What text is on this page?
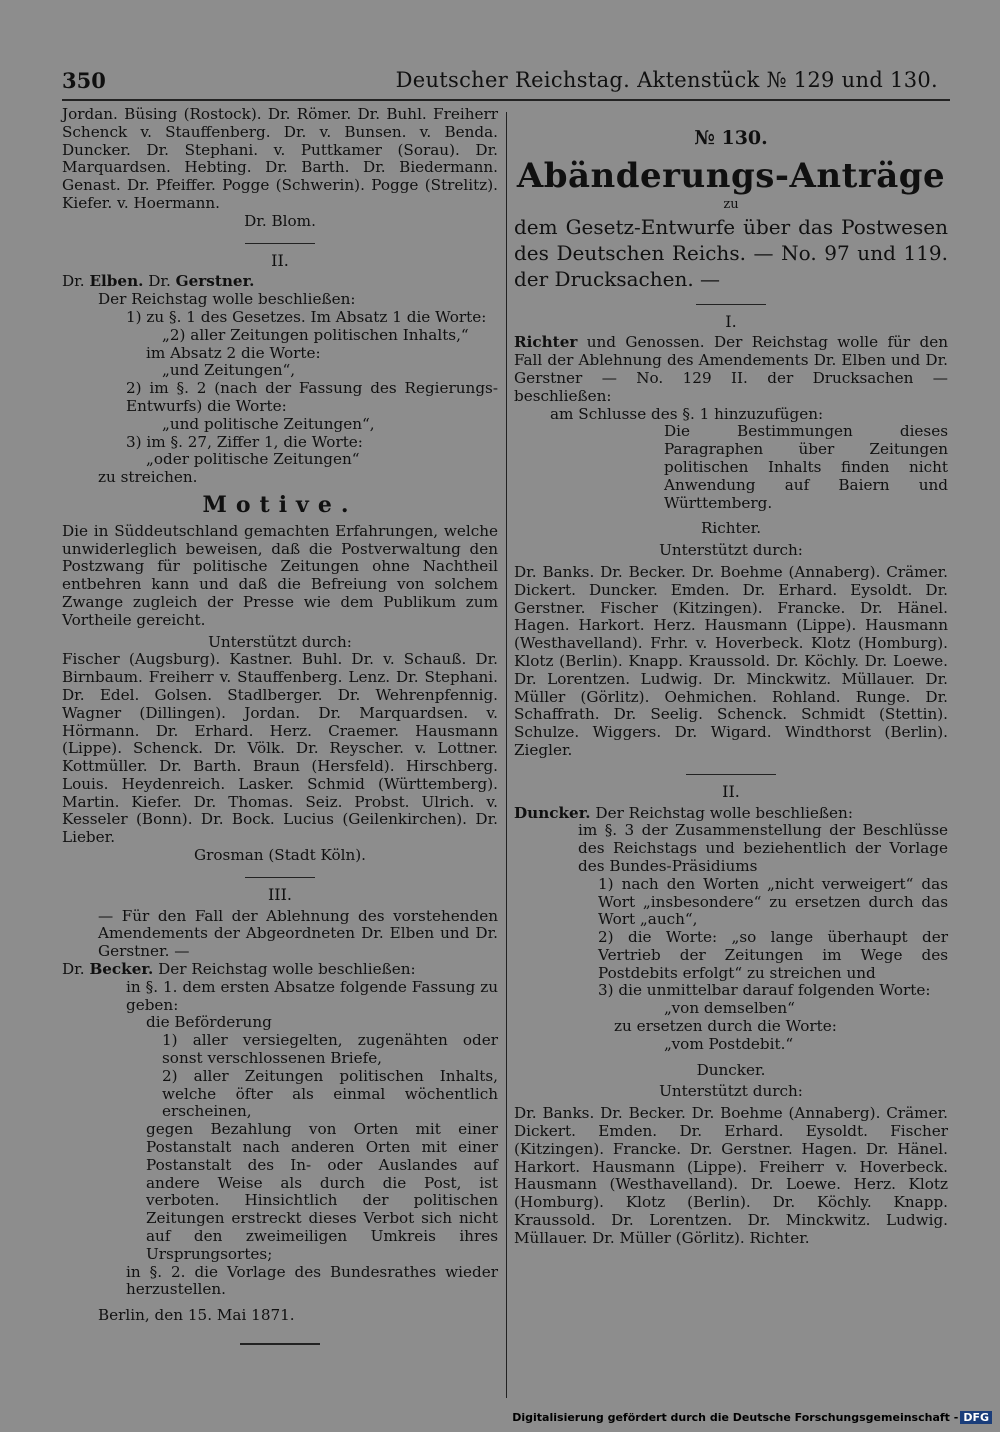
350	Deutscher Reichstag. Aktenstück № 129 und 130.

Jordan. Büsing (Rostock). Dr. Römer. Dr. Buhl. Freiherr Schenck v. Stauffenberg. Dr. v. Bunsen. v. Benda. Duncker. Dr. Stephani. v. Puttkamer (Sorau). Dr. Marquardsen. Hebting. Dr. Barth. Dr. Biedermann. Genast. Dr. Pfeiffer. Pogge (Schwerin). Pogge (Strelitz). Kiefer. v. Hoermann.

Dr. Blom.

II.

Dr. Elben. Dr. Gerstner.

Der Reichstag wolle beschließen:

1) zu §. 1 des Gesetzes. Im Absatz 1 die Worte:

„2) aller Zeitungen politischen Inhalts,“

im Absatz 2 die Worte:

„und Zeitungen“,

2) im §. 2 (nach der Fassung des Regierungs-Entwurfs) die Worte:

„und politische Zeitungen“,

3) im §. 27, Ziffer 1, die Worte:

„oder politische Zeitungen“

zu streichen.

Motive.

Die in Süddeutschland gemachten Erfahrungen, welche unwiderleglich beweisen, daß die Postverwaltung den Postzwang für politische Zeitungen ohne Nachtheil entbehren kann und daß die Befreiung von solchem Zwange zugleich der Presse wie dem Publikum zum Vortheile gereicht.

Unterstützt durch:

Fischer (Augsburg). Kastner. Buhl. Dr. v. Schauß. Dr. Birnbaum. Freiherr v. Stauffenberg. Lenz. Dr. Stephani. Dr. Edel. Golsen. Stadlberger. Dr. Wehrenpfennig. Wagner (Dillingen). Jordan. Dr. Marquardsen. v. Hörmann. Dr. Erhard. Herz. Craemer. Hausmann (Lippe). Schenck. Dr. Völk. Dr. Reyscher. v. Lottner. Kottmüller. Dr. Barth. Braun (Hersfeld). Hirschberg. Louis. Heydenreich. Lasker. Schmid (Württemberg). Martin. Kiefer. Dr. Thomas. Seiz. Probst. Ulrich. v. Kesseler (Bonn). Dr. Bock. Lucius (Geilenkirchen). Dr. Lieber.

Grosman (Stadt Köln).

III.

— Für den Fall der Ablehnung des vorstehenden Amendements der Abgeordneten Dr. Elben und Dr. Gerstner. —

Dr. Becker. Der Reichstag wolle beschließen:

in §. 1. dem ersten Absatze folgende Fassung zu geben:

die Beförderung

1) aller versiegelten, zugenähten oder sonst verschlossenen Briefe,

2) aller Zeitungen politischen Inhalts, welche öfter als einmal wöchentlich erscheinen,

gegen Bezahlung von Orten mit einer Postanstalt nach anderen Orten mit einer Postanstalt des In- oder Auslandes auf andere Weise als durch die Post, ist verboten. Hinsichtlich der politischen Zeitungen erstreckt dieses Verbot sich nicht auf den zweimeiligen Umkreis ihres Ursprungsortes;

in §. 2. die Vorlage des Bundesrathes wieder herzustellen.

Berlin, den 15. Mai 1871.

№ 130.

Abänderungs-Anträge

zu

dem Gesetz-Entwurfe über das Postwesen des Deutschen Reichs. — No. 97 und 119. der Drucksachen. —

I.

Richter und Genossen. Der Reichstag wolle für den Fall der Ablehnung des Amendements Dr. Elben und Dr. Gerstner — No. 129 II. der Drucksachen — beschließen:

am Schlusse des §. 1 hinzuzufügen:

Die Bestimmungen dieses Paragraphen über Zeitungen politischen Inhalts finden nicht Anwendung auf Baiern und Württemberg.

Richter.

Unterstützt durch:

Dr. Banks. Dr. Becker. Dr. Boehme (Annaberg). Crämer. Dickert. Duncker. Emden. Dr. Erhard. Eysoldt. Dr. Gerstner. Fischer (Kitzingen). Francke. Dr. Hänel. Hagen. Harkort. Herz. Hausmann (Lippe). Hausmann (Westhavelland). Frhr. v. Hoverbeck. Klotz (Homburg). Klotz (Berlin). Knapp. Kraussold. Dr. Köchly. Dr. Loewe. Dr. Lorentzen. Ludwig. Dr. Minckwitz. Müllauer. Dr. Müller (Görlitz). Oehmichen. Rohland. Runge. Dr. Schaffrath. Dr. Seelig. Schenck. Schmidt (Stettin). Schulze. Wiggers. Dr. Wigard. Windthorst (Berlin). Ziegler.

II.

Duncker. Der Reichstag wolle beschließen:

im §. 3 der Zusammenstellung der Beschlüsse des Reichstags und beziehentlich der Vorlage des Bundes-Präsidiums

1) nach den Worten „nicht verweigert“ das Wort „insbesondere“ zu ersetzen durch das Wort „auch“,

2) die Worte: „so lange überhaupt der Vertrieb der Zeitungen im Wege des Postdebits erfolgt“ zu streichen und

3) die unmittelbar darauf folgenden Worte:

„von demselben“

zu ersetzen durch die Worte:

„vom Postdebit.“

Duncker.

Unterstützt durch:

Dr. Banks. Dr. Becker. Dr. Boehme (Annaberg). Crämer. Dickert. Emden. Dr. Erhard. Eysoldt. Fischer (Kitzingen). Francke. Dr. Gerstner. Hagen. Dr. Hänel. Harkort. Hausmann (Lippe). Freiherr v. Hoverbeck. Hausmann (Westhavelland). Dr. Loewe. Herz. Klotz (Homburg). Klotz (Berlin). Dr. Köchly. Knapp. Kraussold. Dr. Lorentzen. Dr. Minckwitz. Ludwig. Müllauer. Dr. Müller (Görlitz). Richter.

Digitalisierung gefördert durch die Deutsche Forschungsgemeinschaft - DFG
